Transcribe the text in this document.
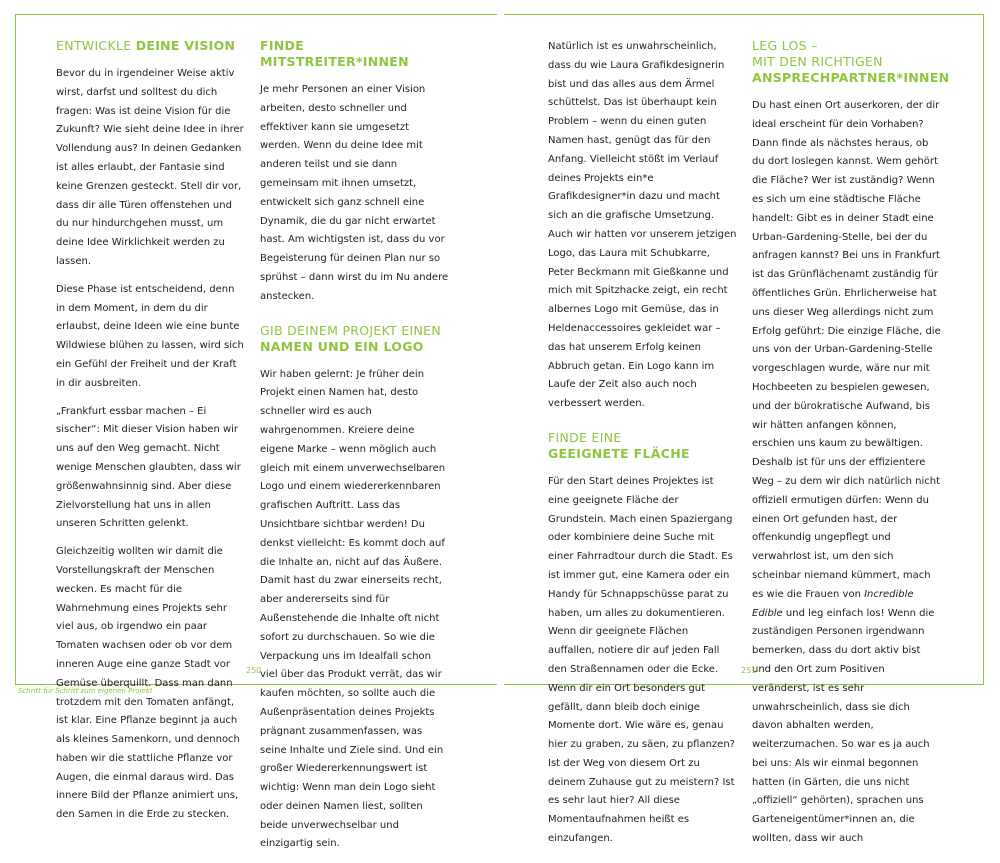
ENTWICKLE DEINE VISION

Bevor du in irgendeiner Weise aktiv wirst, darfst und solltest du dich fragen: Was ist deine Vision für die Zukunft? Wie sieht deine Idee in ihrer Vollendung aus? In deinen Gedanken ist alles erlaubt, der Fantasie sind keine Grenzen gesteckt. Stell dir vor, dass dir alle Türen offenstehen und du nur hindurchgehen musst, um deine Idee Wirklichkeit werden zu lassen.

Diese Phase ist entscheidend, denn in dem Moment, in dem du dir erlaubst, deine Ideen wie eine bunte Wildwiese blühen zu lassen, wird sich ein Gefühl der Freiheit und der Kraft in dir ausbreiten.

„Frankfurt essbar machen – Ei sischer“: Mit dieser Vision haben wir uns auf den Weg gemacht. Nicht wenige Menschen glaubten, dass wir größenwahnsinnig sind. Aber diese Zielvorstellung hat uns in allen unseren Schritten gelenkt.

Gleichzeitig wollten wir damit die Vorstellungskraft der Menschen wecken. Es macht für die Wahrnehmung eines Projekts sehr viel aus, ob irgendwo ein paar Tomaten wachsen oder ob vor dem inneren Auge eine ganze Stadt vor Gemüse überquillt. Dass man dann trotzdem mit den Tomaten anfängt, ist klar. Eine Pflanze beginnt ja auch als kleines Samenkorn, und dennoch haben wir die stattliche Pflanze vor Augen, die einmal daraus wird. Das innere Bild der Pflanze animiert uns, den Samen in die Erde zu stecken.

FINDE MITSTREITER*INNEN

Je mehr Personen an einer Vision arbeiten, desto schneller und effektiver kann sie umgesetzt werden. Wenn du deine Idee mit anderen teilst und sie dann gemeinsam mit ihnen umsetzt, entwickelt sich ganz schnell eine Dynamik, die du gar nicht erwartet hast. Am wichtigsten ist, dass du vor Begeisterung für deinen Plan nur so sprühst – dann wirst du im Nu andere anstecken.

GIB DEINEM PROJEKT EINEN
NAMEN UND EIN LOGO

Wir haben gelernt: Je früher dein Projekt einen Namen hat, desto schneller wird es auch wahrgenommen. Kreiere deine eigene Marke – wenn möglich auch gleich mit einem unverwechselbaren Logo und einem wiedererkennbaren grafischen Auftritt. Lass das Unsichtbare sichtbar werden! Du denkst vielleicht: Es kommt doch auf die Inhalte an, nicht auf das Äußere. Damit hast du zwar einerseits recht, aber andererseits sind für Außenstehende die Inhalte oft nicht sofort zu durchschauen. So wie die Verpackung uns im Idealfall schon viel über das Produkt verrät, das wir kaufen möchten, so sollte auch die Außenpräsentation deines Projekts prägnant zusammenfassen, was seine Inhalte und Ziele sind. Und ein großer Wiedererkennungswert ist wichtig: Wenn man dein Logo sieht oder deinen Namen liest, sollten beide unverwechselbar und einzigartig sein.

Natürlich ist es unwahrscheinlich, dass du wie Laura Grafikdesignerin bist und das alles aus dem Ärmel schüttelst. Das ist überhaupt kein Problem – wenn du einen guten Namen hast, genügt das für den Anfang. Vielleicht stößt im Verlauf deines Projekts ein*e Grafikdesigner*in dazu und macht sich an die grafische Umsetzung. Auch wir hatten vor unserem jetzigen Logo, das Laura mit Schubkarre, Peter Beckmann mit Gießkanne und mich mit Spitzhacke zeigt, ein recht albernes Logo mit Gemüse, das in Heldenaccessoires gekleidet war – das hat unserem Erfolg keinen Abbruch getan. Ein Logo kann im Laufe der Zeit also auch noch verbessert werden.

FINDE EINE
GEEIGNETE FLÄCHE

Für den Start deines Projektes ist eine geeignete Fläche der Grundstein. Mach einen Spaziergang oder kombiniere deine Suche mit einer Fahrradtour durch die Stadt. Es ist immer gut, eine Kamera oder ein Handy für Schnappschüsse parat zu haben, um alles zu dokumentieren. Wenn dir geeignete Flächen auffallen, notiere dir auf jeden Fall den Straßennamen oder die Ecke. Wenn dir ein Ort besonders gut gefällt, dann bleib doch einige Momente dort. Wie wäre es, genau hier zu graben, zu säen, zu pflanzen? Ist der Weg von diesem Ort zu deinem Zuhause gut zu meistern? Ist es sehr laut hier? All diese Momentaufnahmen heißt es einzufangen.

LEG LOS –
MIT DEN RICHTIGEN
ANSPRECHPARTNER*INNEN

Du hast einen Ort auserkoren, der dir ideal erscheint für dein Vorhaben? Dann finde als nächstes heraus, ob du dort loslegen kannst. Wem gehört die Fläche? Wer ist zuständig? Wenn es sich um eine städtische Fläche handelt: Gibt es in deiner Stadt eine Urban-Gardening-Stelle, bei der du anfragen kannst? Bei uns in Frankfurt ist das Grünflächenamt zuständig für öffentliches Grün. Ehrlicherweise hat uns dieser Weg allerdings nicht zum Erfolg geführt: Die einzige Fläche, die uns von der Urban-Gardening-Stelle vorgeschlagen wurde, wäre nur mit Hochbeeten zu bespielen gewesen, und der bürokratische Aufwand, bis wir hätten anfangen können, erschien uns kaum zu bewältigen. Deshalb ist für uns der effizientere Weg – zu dem wir dich natürlich nicht offiziell ermutigen dürfen: Wenn du einen Ort gefunden hast, der offenkundig ungepflegt und verwahrlost ist, um den sich scheinbar niemand kümmert, mach es wie die Frauen von Incredible Edible und leg einfach los! Wenn die zuständigen Personen irgendwann bemerken, dass du dort aktiv bist und den Ort zum Positiven veränderst, ist es sehr unwahrscheinlich, dass sie dich davon abhalten werden, weiterzumachen. So war es ja auch bei uns: Als wir einmal begonnen hatten (in Gärten, die uns nicht „offiziell“ gehörten), sprachen uns Garteneigentümer*innen an, die wollten, dass wir auch

250	251
Schritt für Schritt zum eigenen Projekt
